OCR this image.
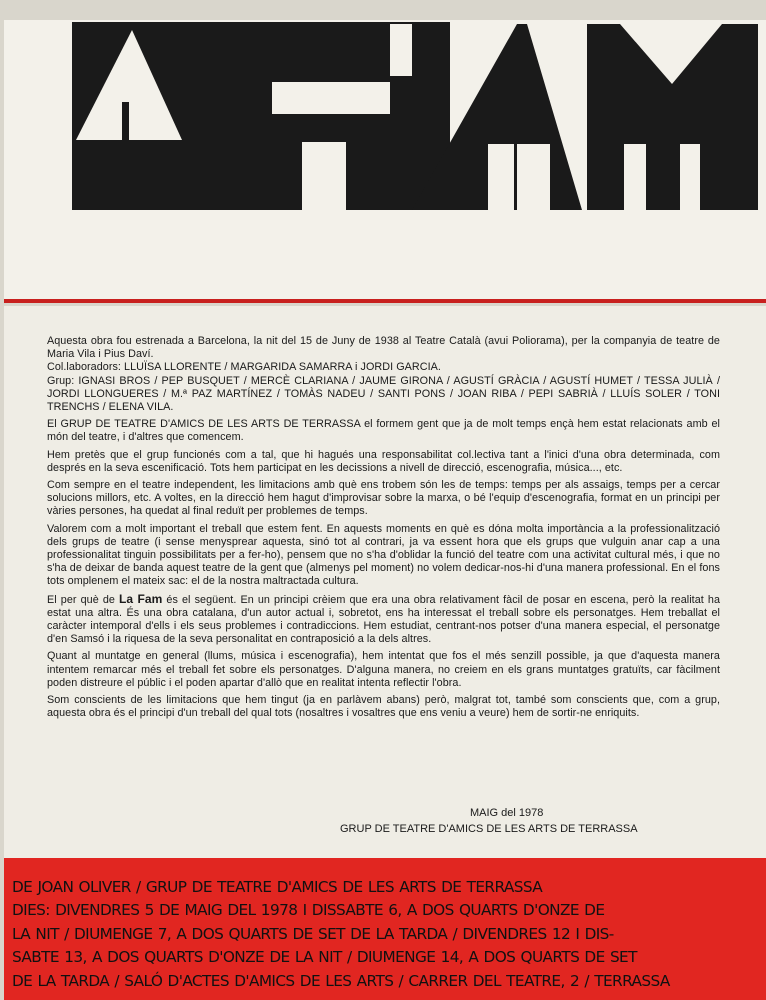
Aquesta obra fou estrenada a Barcelona, la nit del 15 de Juny de 1938 al Teatre Català (avui Poliorama), per la companyia de teatre de Maria Vila i Pius Daví.

Col.laboradors: LLUÏSA LLORENTE / MARGARIDA SAMARRA i JORDI GARCIA.

Grup: IGNASI BROS / PEP BUSQUET / MERCÈ CLARIANA / JAUME GIRONA / AGUSTÍ GRÀCIA / AGUSTÍ HUMET / TESSA JULIÀ / JORDI LLONGUERES / M.ª PAZ MARTÍNEZ / TOMÀS NADEU / SANTI PONS / JOAN RIBA / PEPI SABRIÀ / LLUÍS SOLER / TONI TRENCHS / ELENA VILA.

El GRUP DE TEATRE D'AMICS DE LES ARTS DE TERRASSA el formem gent que ja de molt temps ençà hem estat relacionats amb el món del teatre, i d'altres que comencem.

Hem pretès que el grup funcionés com a tal, que hi hagués una responsabilitat col.lectiva tant a l'inici d'una obra determinada, com després en la seva escenificació. Tots hem participat en les decissions a nivell de direcció, escenografia, música..., etc.

Com sempre en el teatre independent, les limitacions amb què ens trobem són les de temps: temps per als assaigs, temps per a cercar solucions millors, etc. A voltes, en la direcció hem hagut d'improvisar sobre la marxa, o bé l'equip d'escenografia, format en un principi per vàries persones, ha quedat al final reduït per problemes de temps.

Valorem com a molt important el treball que estem fent. En aquests moments en què es dóna molta importància a la professionalització dels grups de teatre (i sense menysprear aquesta, sinó tot al contrari, ja va essent hora que els grups que vulguin anar cap a una professionalitat tinguin possibilitats per a fer-ho), pensem que no s'ha d'oblidar la funció del teatre com una activitat cultural més, i que no s'ha de deixar de banda aquest teatre de la gent que (almenys pel moment) no volem dedicar-nos-hi d'una manera professional. En el fons tots omplenem el mateix sac: el de la nostra maltractada cultura.

El per què de La Fam és el següent. En un principi crèiem que era una obra relativament fàcil de posar en escena, però la realitat ha estat una altra. És una obra catalana, d'un autor actual i, sobretot, ens ha interessat el treball sobre els personatges. Hem treballat el caràcter intemporal d'ells i els seus problemes i contradiccions. Hem estudiat, centrant-nos potser d'una manera especial, el personatge d'en Samsó i la riquesa de la seva personalitat en contraposició a la dels altres.

Quant al muntatge en general (llums, música i escenografia), hem intentat que fos el més senzill possible, ja que d'aquesta manera intentem remarcar més el treball fet sobre els personatges. D'alguna manera, no creiem en els grans muntatges gratuïts, car fàcilment poden distreure el públic i el poden apartar d'allò que en realitat intenta reflectir l'obra.

Som conscients de les limitacions que hem tingut (ja en parlàvem abans) però, malgrat tot, també som conscients que, com a grup, aquesta obra és el principi d'un treball del qual tots (nosaltres i vosaltres que ens veniu a veure) hem de sortir-ne enriquits.

MAIG del 1978
GRUP DE TEATRE D'AMICS DE LES ARTS DE TERRASSA
DE JOAN OLIVER / GRUP DE TEATRE D'AMICS DE LES ARTS DE TERRASSA
DIES: DIVENDRES 5 DE MAIG DEL 1978 I DISSABTE 6, A DOS QUARTS D'ONZE DE
LA NIT / DIUMENGE 7, A DOS QUARTS DE SET DE LA TARDA / DIVENDRES 12 I DIS-
SABTE 13, A DOS QUARTS D'ONZE DE LA NIT / DIUMENGE 14, A DOS QUARTS DE SET
DE LA TARDA / SALÓ D'ACTES D'AMICS DE LES ARTS / CARRER DEL TEATRE, 2 / TERRASSA
